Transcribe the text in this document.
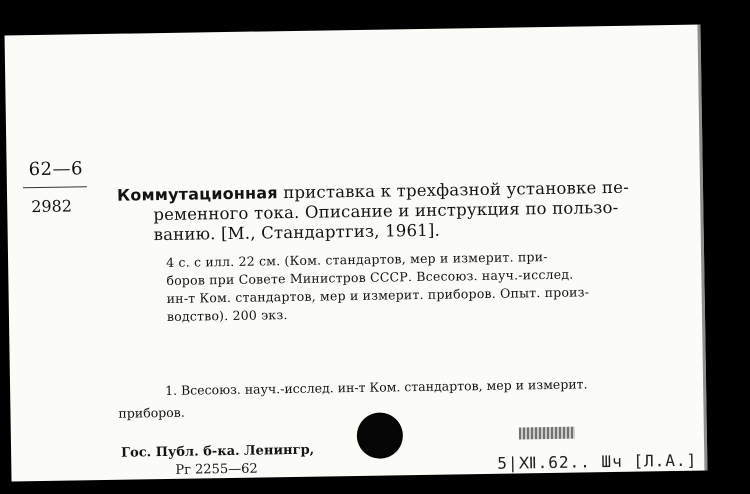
62—6
2982
Коммутационная приставка к трехфазной установке пе-
ременного тока. Описание и инструкция по пользо-
ванию. [М., Стандартгиз, 1961].
4 с. с илл. 22 см. (Ком. стандартов, мер и измерит. при-
боров при Совете Министров СССР. Всесоюз. науч.-исслед.
ин-т Ком. стандартов, мер и измерит. приборов. Опыт. произ-
водство). 200 экз.
1. Всесоюз. науч.-исслед. ин-т Ком. стандартов, мер и измерит.
приборов.
Гос. Публ. б-ка. Ленингр,
Рг 2255—62	5|Ⅻ.62.. Шч [Л.А.]
